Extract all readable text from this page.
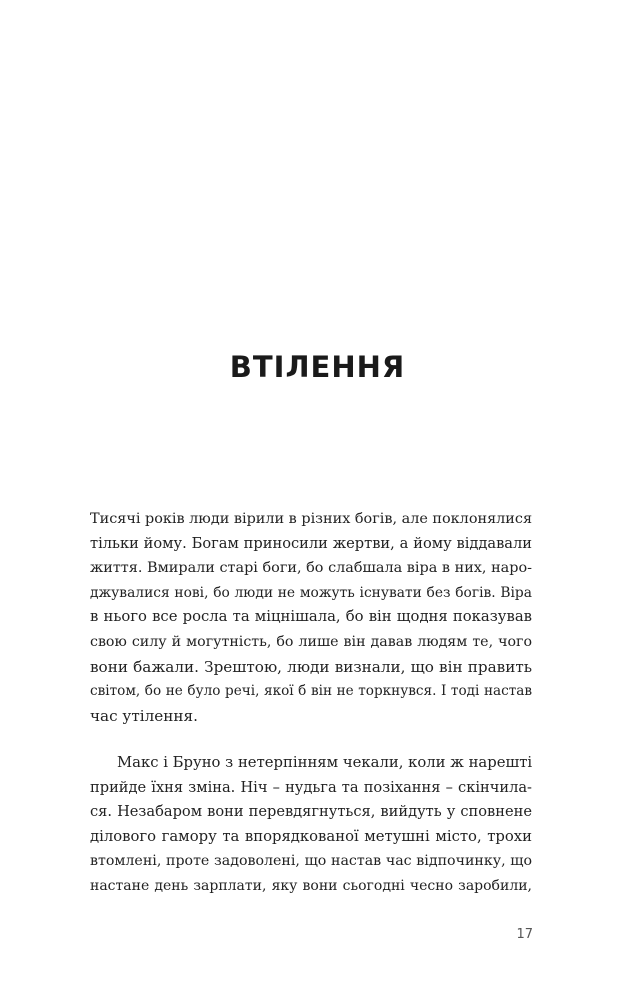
ВТІЛЕННЯ
Тисячі років люди вірили в різних богів, але поклонялися
тільки йому. Богам приносили жертви, а йому віддавали
життя. Вмирали старі боги, бо слабшала віра в них, наро-
джувалися нові, бо люди не можуть існувати без богів. Віра
в нього все росла та міцнішала, бо він щодня показував
свою силу й могутність, бо лише він давав людям те, чого
вони бажали. Зрештою, люди визнали, що він править
світом, бо не було речі, якої б він не торкнувся. І тоді настав
час утілення.
Макс і Бруно з нетерпінням чекали, коли ж нарешті
прийде їхня зміна. Ніч – нудьга та позіхання – скінчила-
ся. Незабаром вони перевдягнуться, вийдуть у сповнене
ділового гамору та впорядкованої метушні місто, трохи
втомлені, проте задоволені, що настав час відпочинку, що
настане день зарплати, яку вони сьогодні чесно заробили,

17
